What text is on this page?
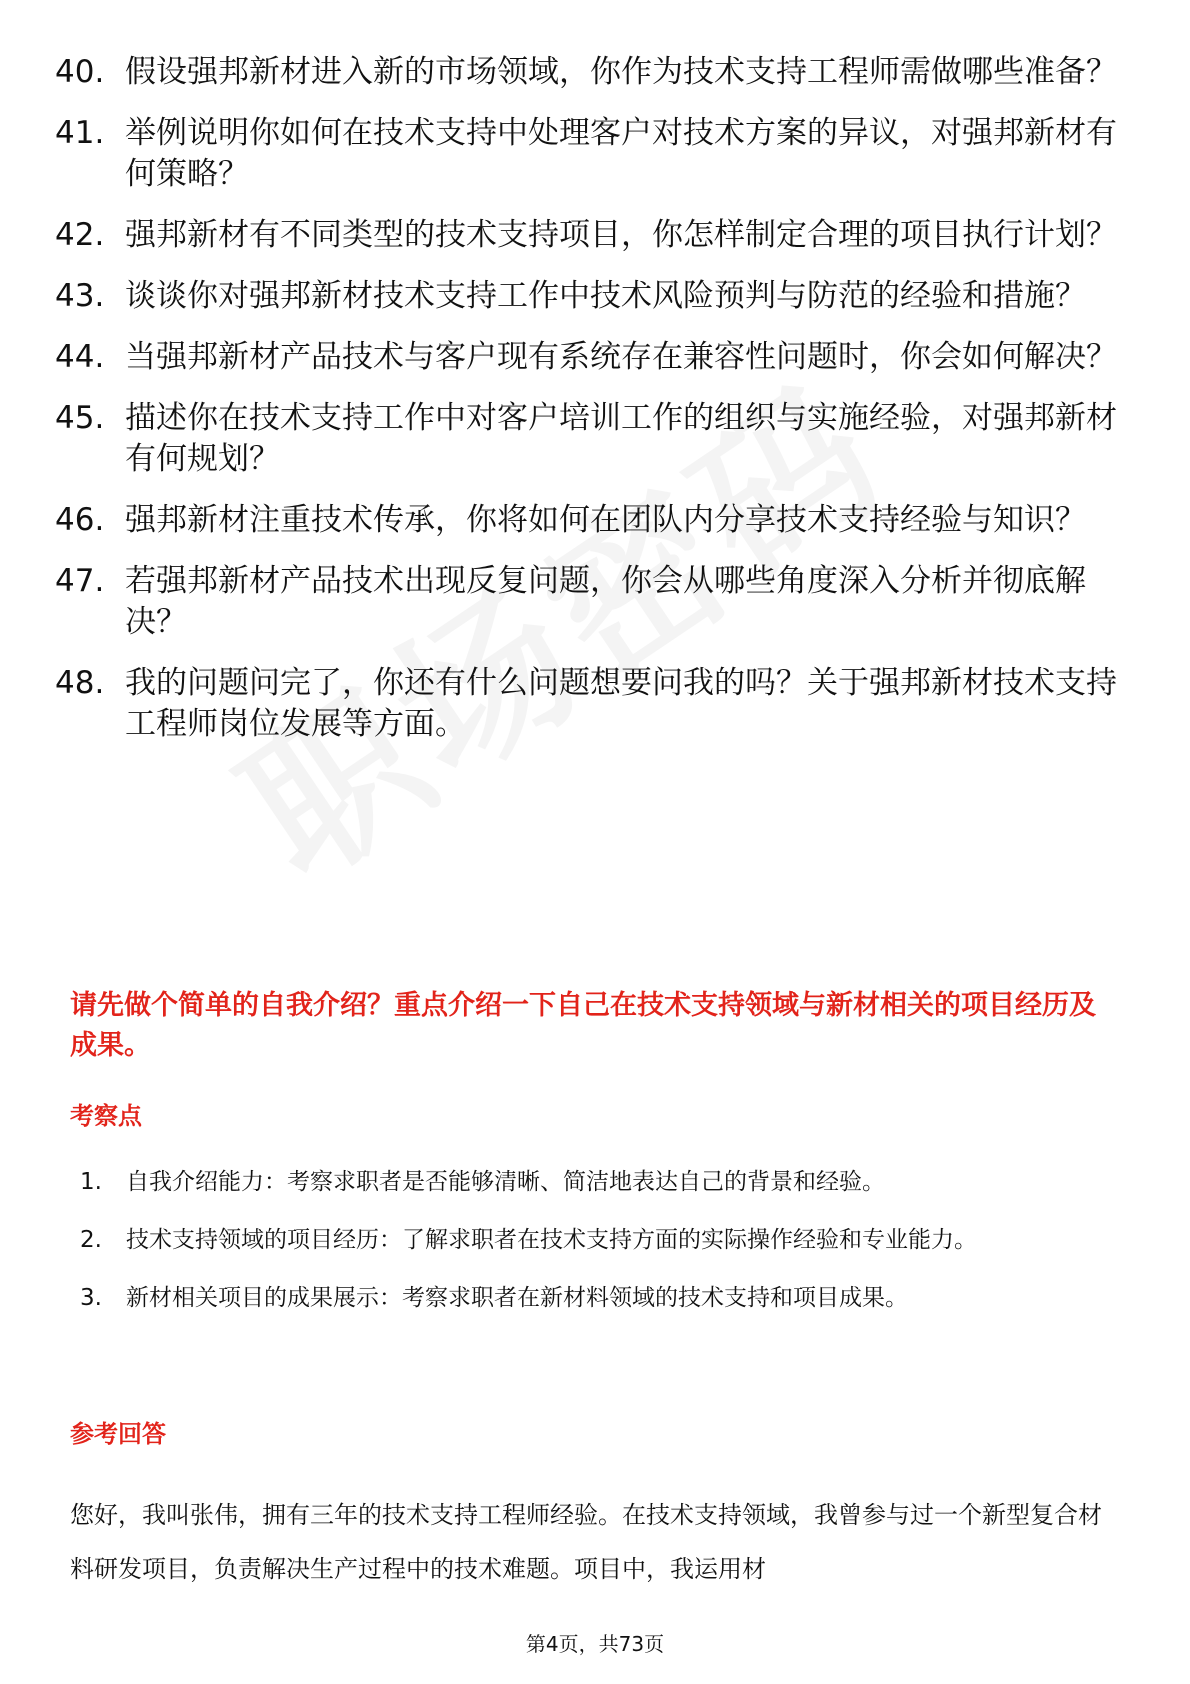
40. 假设强邦新材进入新的市场领域，你作为技术支持工程师需做哪些准备？
41. 举例说明你如何在技术支持中处理客户对技术方案的异议，对强邦新材有何策略？
42. 强邦新材有不同类型的技术支持项目，你怎样制定合理的项目执行计划？
43. 谈谈你对强邦新材技术支持工作中技术风险预判与防范的经验和措施？
44. 当强邦新材产品技术与客户现有系统存在兼容性问题时，你会如何解决？
45. 描述你在技术支持工作中对客户培训工作的组织与实施经验，对强邦新材有何规划？
46. 强邦新材注重技术传承，你将如何在团队内分享技术支持经验与知识？
47. 若强邦新材产品技术出现反复问题，你会从哪些角度深入分析并彻底解决？
48. 我的问题问完了，你还有什么问题想要问我的吗？关于强邦新材技术支持工程师岗位发展等方面。
请先做个简单的自我介绍？重点介绍一下自己在技术支持领域与新材相关的项目经历及成果。
考察点
1.	自我介绍能力：考察求职者是否能够清晰、简洁地表达自己的背景和经验。
2.	技术支持领域的项目经历：了解求职者在技术支持方面的实际操作经验和专业能力。
3.	新材相关项目的成果展示：考察求职者在新材料领域的技术支持和项目成果。
参考回答
您好，我叫张伟，拥有三年的技术支持工程师经验。在技术支持领域，我曾参与过一个新型复合材料研发项目，负责解决生产过程中的技术难题。项目中，我运用材
第4页，共73页
